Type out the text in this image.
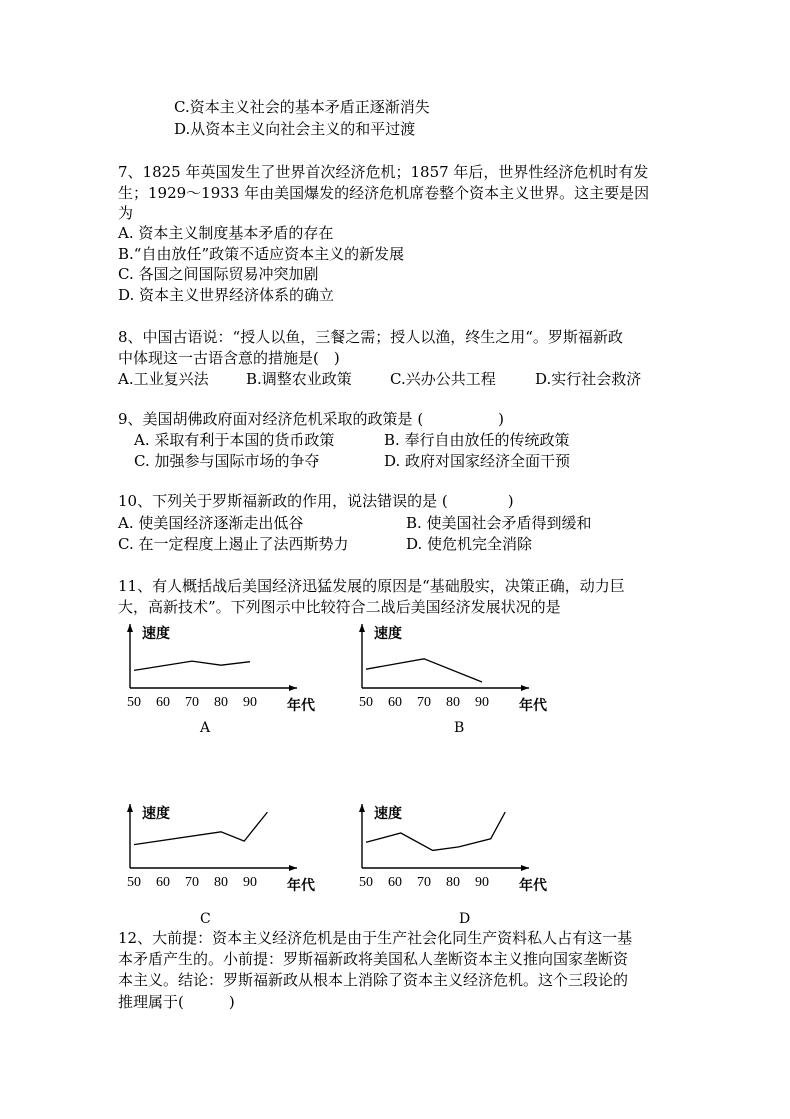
C.资本主义社会的基本矛盾正逐渐消失
D.从资本主义向社会主义的和平过渡
7、1825 年英国发生了世界首次经济危机；1857 年后，世界性经济危机时有发
生；1929～1933 年由美国爆发的经济危机席卷整个资本主义世界。这主要是因
为
A. 资本主义制度基本矛盾的存在
B.“自由放任”政策不适应资本主义的新发展
C. 各国之间国际贸易冲突加剧
D. 资本主义世界经济体系的确立
8、中国古语说：“授人以鱼，三餐之需；授人以渔，终生之用“。罗斯福新政
中体现这一古语含意的措施是(　)
A.工业复兴法 B.调整农业政策	C.兴办公共工程	D.实行社会救济
9、美国胡佛政府面对经济危机采取的政策是 (　　　　　)
A. 采取有利于本国的货币政策	B. 奉行自由放任的传统政策
C. 加强参与国际市场的争夺	D. 政府对国家经济全面干预
10、下列关于罗斯福新政的作用，说法错误的是 (　　　　)
A. 使美国经济逐渐走出低谷	B. 使美国社会矛盾得到缓和
C. 在一定程度上遏止了法西斯势力	D. 使危机完全消除
11、有人概括战后美国经济迅猛发展的原因是“基础殷实，决策正确，动力巨
大，高新技术”。下列图示中比较符合二战后美国经济发展状况的是
速度
50 60 70 80 90 年代
A
速度
50 60 70 80 90 年代
B
速度
50 60 70 80 90 年代
C
速度
50 60 70 80 90 年代
D
12、大前提：资本主义经济危机是由于生产社会化同生产资料私人占有这一基
本矛盾产生的。小前提：罗斯福新政将美国私人垄断资本主义推向国家垄断资
本主义。结论：罗斯福新政从根本上消除了资本主义经济危机。这个三段论的
推理属于(　　　)
